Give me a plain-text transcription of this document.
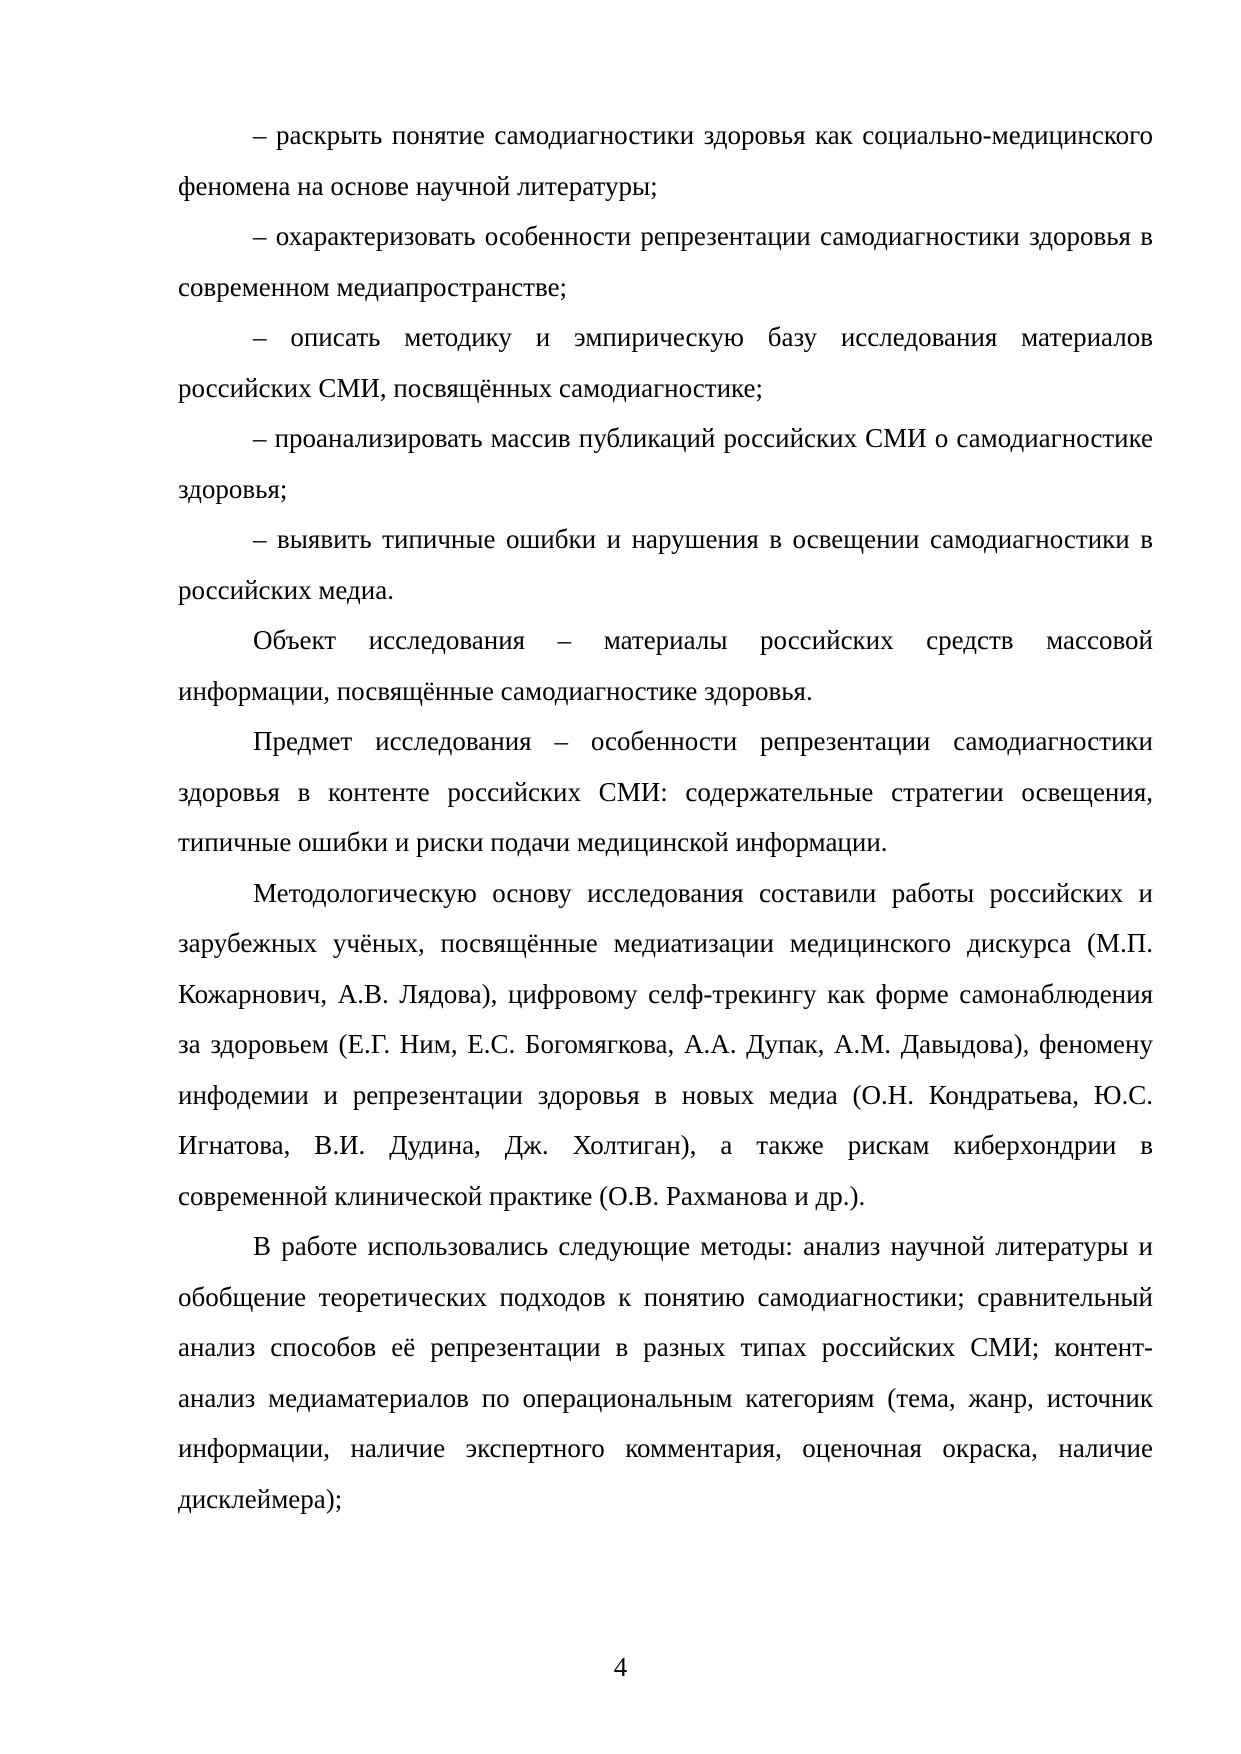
– раскрыть понятие самодиагностики здоровья как социально-медицинского феномена на основе научной литературы;

– охарактеризовать особенности репрезентации самодиагностики здоровья в современном медиапространстве;

– описать методику и эмпирическую базу исследования материалов российских СМИ, посвящённых самодиагностике;

– проанализировать массив публикаций российских СМИ о самодиагностике здоровья;

– выявить типичные ошибки и нарушения в освещении самодиагностики в российских медиа.

Объект исследования – материалы российских средств массовой информации, посвящённые самодиагностике здоровья.

Предмет исследования – особенности репрезентации самодиагностики здоровья в контенте российских СМИ: содержательные стратегии освещения, типичные ошибки и риски подачи медицинской информации.

Методологическую основу исследования составили работы российских и зарубежных учёных, посвящённые медиатизации медицинского дискурса (М.П. Кожарнович, А.В. Лядова), цифровому селф-трекингу как форме самонаблюдения за здоровьем (Е.Г. Ним, Е.С. Богомягкова, А.А. Дупак, А.М. Давыдова), феномену инфодемии и репрезентации здоровья в новых медиа (О.Н. Кондратьева, Ю.С. Игнатова, В.И. Дудина, Дж. Холтиган), а также рискам киберхондрии в современной клинической практике (О.В. Рахманова и др.).

В работе использовались следующие методы: анализ научной литературы и обобщение теоретических подходов к понятию самодиагностики; сравнительный анализ способов её репрезентации в разных типах российских СМИ; контент-анализ медиаматериалов по операциональным категориям (тема, жанр, источник информации, наличие экспертного комментария, оценочная окраска, наличие дисклеймера);

4
